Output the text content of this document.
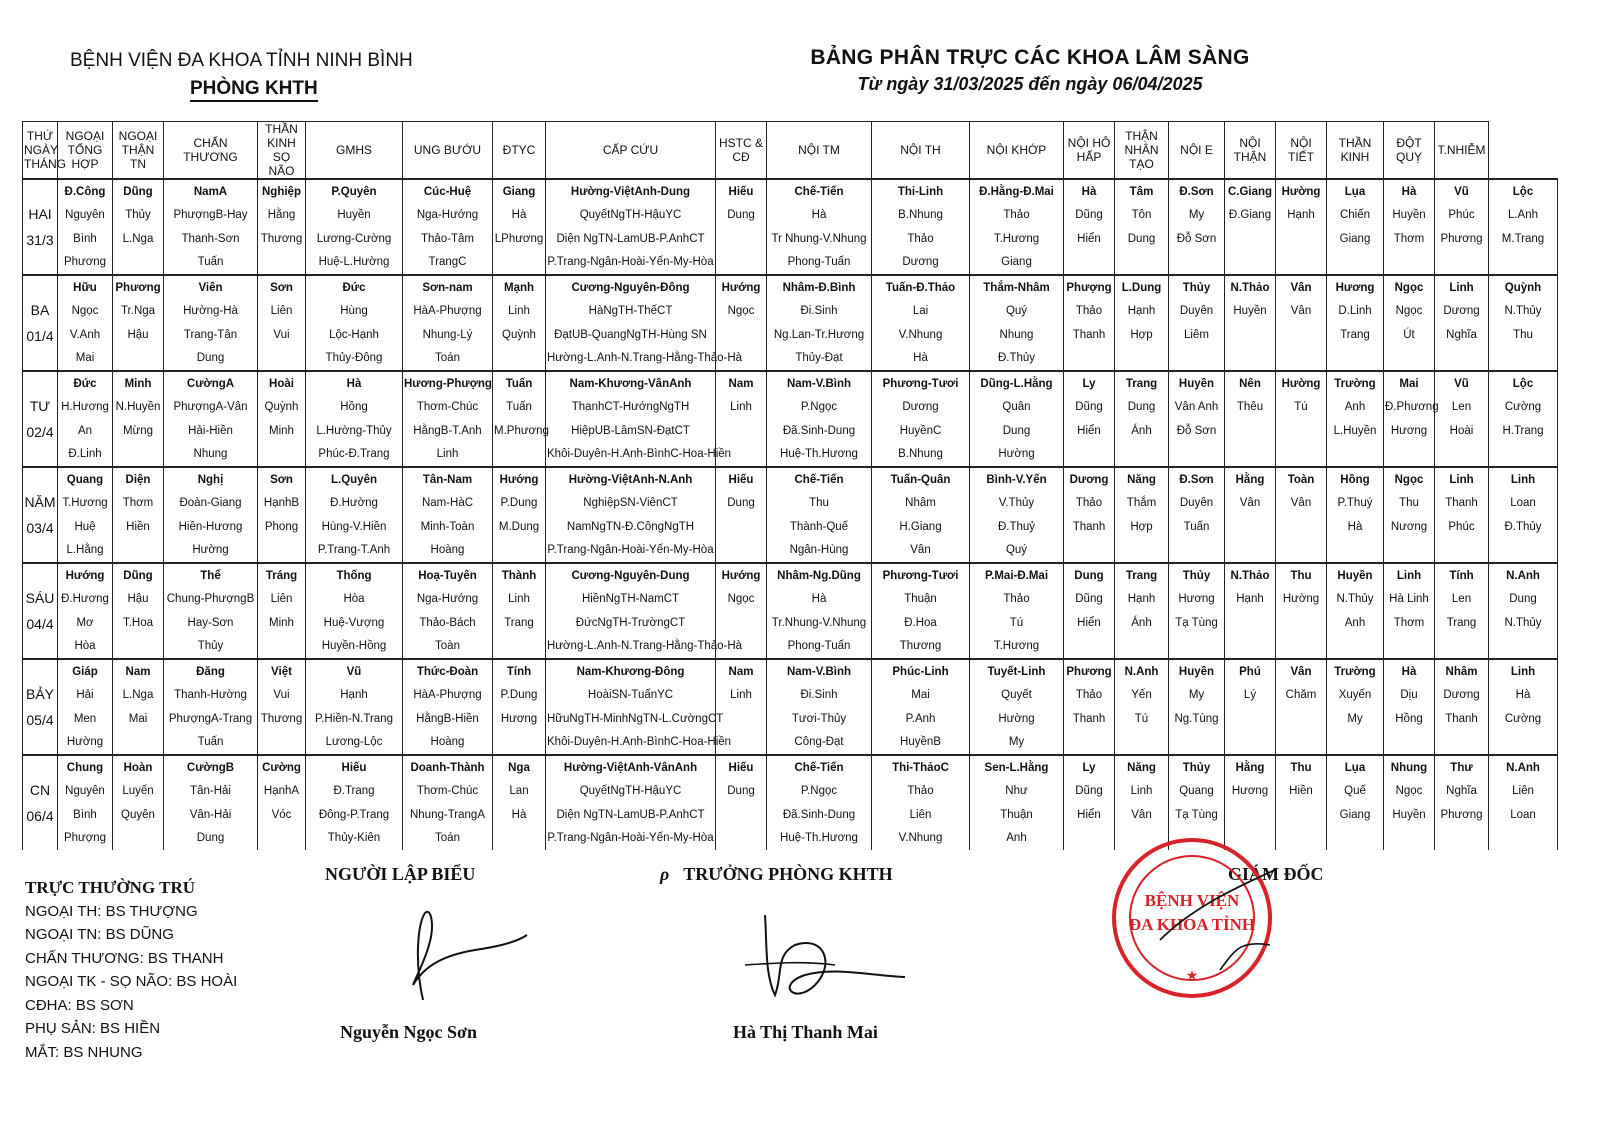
BỆNH VIỆN ĐA KHOA TỈNH NINH BÌNH
PHÒNG KHTH
BẢNG PHÂN TRỰC CÁC KHOA LÂM SÀNG
Từ ngày 31/03/2025 đến ngày 06/04/2025
THỨ NGÀY THÁNG	NGOẠI TỔNG HỢP	NGOẠI THẬN TN	CHẤN THƯƠNG	THẦN KINH SỌ NÃO	GMHS	UNG BƯỚU	ĐTYC	CẤP CỨU	HSTC & CĐ	NỘI TM	NỘI TH	NỘI KHỚP	NỘI HÔ HẤP	THẬN NHÂN TẠO	NỘI E	NỘI THẬN	NỘI TIẾT	THẦN KINH	ĐỘT QUỴ	T.NHIỄM	

HAI
31/3	Đ.Công	Dũng	NamA	Nghiệp	P.Quyên	Cúc-Huệ	Giang	Hường-ViệtAnh-Dung	Hiếu	Chế-Tiến	Thi-Linh	Đ.Hằng-Đ.Mai	Hà	Tâm	Đ.Sơn	C.Giang	Hường	Lụa	Hà	Vũ	Lộc
	Nguyên	Thủy	PhượngB-Hay	Hằng	Huyền	Nga-Hướng	Hà	QuyếtNgTH-HậuYC	Dung	Hà	B.Nhung	Thảo	Dũng	Tôn	My	Đ.Giang	Hạnh	Chiến	Huyền	Phúc	L.Anh
	Bình	L.Nga	Thanh-Sơn	Thương	Lương-Cường	Thảo-Tâm	LPhương	Diện NgTN-LamUB-P.AnhCT		Tr Nhung-V.Nhung	Thảo	T.Hương	Hiển	Dung	Đỗ Sơn			Giang	Thơm	Phương	M.Trang
	Phương		Tuấn		Huệ-L.Hường	TrangC		P.Trang-Ngân-Hoài-Yến-My-Hòa		Phong-Tuấn	Dương	Giang									

BA
01/4	Hữu	Phương	Viên	Sơn	Đức	Sơn-nam	Mạnh	Cương-Nguyên-Đông	Hướng	Nhâm-Đ.Bình	Tuấn-Đ.Thảo	Thắm-Nhâm	Phượng	L.Dung	Thủy	N.Thảo	Vân	Hương	Ngọc	Linh	Quỳnh
	Ngọc	Tr.Nga	Hường-Hà	Liên	Hùng	HàA-Phượng	Linh	HàNgTH-ThếCT	Ngọc	Đi.Sinh	Lai	Quý	Thảo	Hạnh	Duyên	Huyền	Vân	D.Linh	Ngọc	Dương	N.Thủy
	V.Anh	Hậu	Trang-Tân	Vui	Lộc-Hạnh	Nhung-Lý	Quỳnh	ĐạtUB-QuangNgTH-Hùng SN		Ng.Lan-Tr.Hương	V.Nhung	Nhung	Thanh	Hợp	Liêm			Trang	Út	Nghĩa	Thu
	Mai		Dung		Thủy-Đông	Toán		Hường-L.Anh-N.Trang-Hằng-Thảo-Hà		Thủy-Đạt	Hà	Đ.Thủy									

TƯ
02/4	Đức	Minh	CườngA	Hoài	Hà	Hương-Phượng	Tuấn	Nam-Khương-VânAnh	Nam	Nam-V.Bình	Phương-Tươi	Dũng-L.Hằng	Ly	Trang	Huyền	Nên	Hường	Trường	Mai	Vũ	Lộc
	H.Hương	N.Huyền	PhượngA-Vân	Quỳnh	Hồng	Thơm-Chúc	Tuấn	ThanhCT-HướngNgTH	Linh	P.Ngọc	Dương	Quân	Dũng	Dung	Vân Anh	Thêu	Tú	Anh	Đ.Phương	Len	Cường
	An	Mừng	Hải-Hiền	Minh	L.Hường-Thủy	HằngB-T.Anh	M.Phương	HiệpUB-LâmSN-ĐạtCT		Đã.Sinh-Dung	HuyềnC	Dung	Hiển	Ánh	Đỗ Sơn			L.Huyền	Hương	Hoài	H.Trang
	Đ.Linh		Nhung		Phúc-Đ.Trang	Linh		Khôi-Duyên-H.Anh-BìnhC-Hoa-Hiền		Huệ-Th.Hương	B.Nhung	Hường									

NĂM
03/4	Quang	Diện	Nghị	Sơn	L.Quyên	Tân-Nam	Hướng	Hường-ViệtAnh-N.Anh	Hiếu	Chế-Tiến	Tuấn-Quân	Bình-V.Yến	Dương	Năng	Đ.Sơn	Hằng	Toàn	Hồng	Ngọc	Linh	Linh
	T.Hương	Thơm	Đoàn-Giang	HạnhB	Đ.Hường	Nam-HàC	P.Dung	NghiệpSN-ViênCT	Dung	Thu	Nhâm	V.Thủy	Thảo	Thắm	Duyên	Vân	Vân	P.Thuý	Thu	Thanh	Loan
	Huệ	Hiền	Hiền-Hương	Phong	Hùng-V.Hiền	Minh-Toàn	M.Dung	NamNgTN-Đ.CôngNgTH		Thành-Quế	H.Giang	Đ.Thuỷ	Thanh	Hợp	Tuấn			Hà	Nương	Phúc	Đ.Thủy
	L.Hằng		Hường		P.Trang-T.Anh	Hoàng		P.Trang-Ngân-Hoài-Yến-My-Hòa		Ngân-Hùng	Vân	Quý									

SÁU
04/4	Hướng	Dũng	Thể	Tráng	Thống	Hoạ-Tuyên	Thành	Cương-Nguyên-Dung	Hướng	Nhâm-Ng.Dũng	Phương-Tươi	P.Mai-Đ.Mai	Dung	Trang	Thủy	N.Thảo	Thu	Huyền	Linh	Tính	N.Anh
	Đ.Hương	Hậu	Chung-PhượngB	Liên	Hòa	Nga-Hướng	Linh	HiềnNgTH-NamCT	Ngọc	Hà	Thuận	Thảo	Dũng	Hạnh	Hương	Hạnh	Hường	N.Thủy	Hà Linh	Len	Dung
	Mơ	T.Hoa	Hay-Sơn	Minh	Huệ-Vượng	Thảo-Bách	Trang	ĐứcNgTH-TrườngCT		Tr.Nhung-V.Nhung	Đ.Hoa	Tú	Hiển	Ánh	Tạ Tùng			Anh	Thơm	Trang	N.Thủy
	Hòa		Thủy		Huyền-Hồng	Toàn		Hường-L.Anh-N.Trang-Hằng-Thảo-Hà		Phong-Tuấn	Thương	T.Hương									

BẢY
05/4	Giáp	Nam	Đăng	Việt	Vũ	Thức-Đoàn	Tính	Nam-Khương-Đông	Nam	Nam-V.Bình	Phúc-Linh	Tuyết-Linh	Phương	N.Anh	Huyền	Phú	Vân	Trường	Hà	Nhâm	Linh
	Hải	L.Nga	Thanh-Hường	Vui	Hạnh	HàA-Phượng	P.Dung	HoàiSN-TuấnYC	Linh	Đi.Sinh	Mai	Quyết	Thảo	Yến	My	Lý	Chăm	Xuyến	Dịu	Dương	Hà
	Men	Mai	PhượngA-Trang	Thương	P.Hiền-N.Trang	HằngB-Hiền	Hương	HữuNgTH-MinhNgTN-L.CườngCT		Tươi-Thủy	P.Anh	Hường	Thanh	Tú	Ng.Tùng			My	Hồng	Thanh	Cường
	Hường		Tuấn		Lương-Lộc	Hoàng		Khôi-Duyên-H.Anh-BìnhC-Hoa-Hiền		Công-Đạt	HuyềnB	My									

CN
06/4	Chung	Hoàn	CườngB	Cường	Hiếu	Doanh-Thành	Nga	Hường-ViệtAnh-VânAnh	Hiếu	Chế-Tiến	Thi-ThảoC	Sen-L.Hằng	Ly	Năng	Thủy	Hằng	Thu	Lụa	Nhung	Thư	N.Anh
	Nguyên	Luyến	Tân-Hải	HạnhA	Đ.Trang	Thơm-Chúc	Lan	QuyếtNgTH-HậuYC	Dung	P.Ngọc	Thảo	Như	Dũng	Linh	Quang	Hương	Hiền	Quế	Ngọc	Nghĩa	Liên
	Bình	Quyên	Vân-Hải	Vóc	Đông-P.Trang	Nhung-TrangA	Hà	Diện NgTN-LamUB-P.AnhCT		Đã.Sinh-Dung	Liên	Thuận	Hiển	Vân	Tạ Tùng			Giang	Huyền	Phương	Loan
	Phượng		Dung		Thủy-Kiên	Toán		P.Trang-Ngân-Hoài-Yến-My-Hòa		Huệ-Th.Hương	V.Nhung	Anh									
TRỰC THƯỜNG TRÚ
NGOẠI TH: BS THƯỢNG
NGOẠI TN: BS DŨNG
CHẤN THƯƠNG: BS THANH
NGOẠI TK - SỌ NÃO: BS HOÀI
CĐHA: BS SƠN
PHỤ SẢN: BS HIỀN
MẮT: BS NHUNG
NGƯỜI LẬP BIỂU
Nguyễn Ngọc Sơn
ρ TRƯỞNG PHÒNG KHTH
Hà Thị Thanh Mai
GIÁM ĐỐC
BỆNH VIỆN
ĐA KHOA TỈNH
★
